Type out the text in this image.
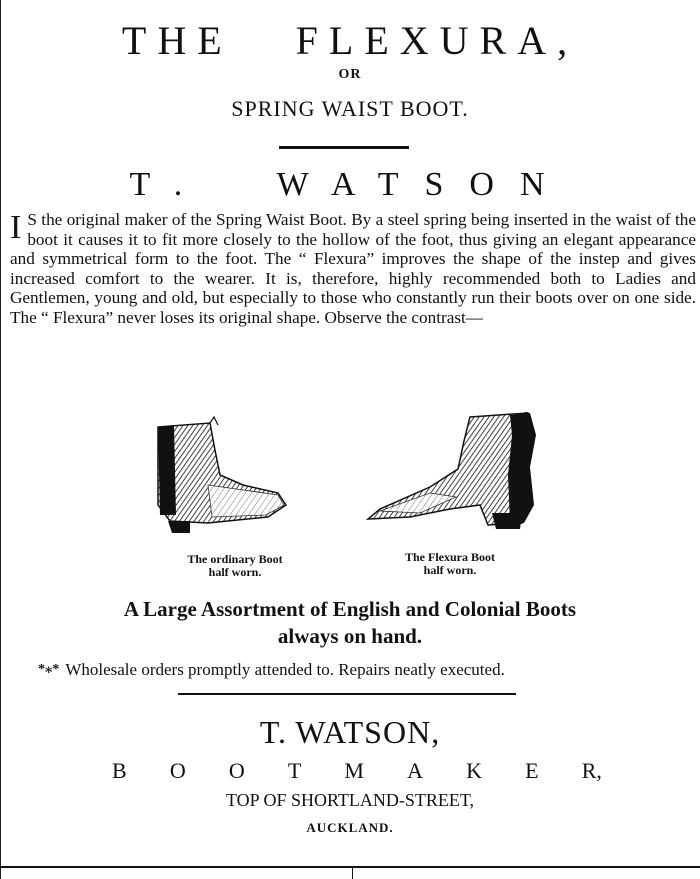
THE   FLEXURA,
OR
SPRING WAIST BOOT.
T.  WATSON
I S the original maker of the Spring Waist Boot. By a steel spring being inserted in the waist of the boot it causes it to fit more closely to the hollow of the foot, thus giving an elegant appearance and symmetrical form to the foot. The “ Flexura” improves the shape of the instep and gives increased comfort to the wearer. It is, therefore, highly recommended both to Ladies and Gentlemen, young and old, but especially to those who constantly run their boots over on one side. The “ Flexura” never loses its original shape. Observe the contrast—
The ordinary Boot
half worn.
The Flexura Boot
half worn.
A Large Assortment of English and Colonial Boots
always on hand.
*⁎* Wholesale orders promptly attended to. Repairs neatly executed.
T. WATSON,
B O O T M A K E R,
TOP OF SHORTLAND-STREET,
AUCKLAND.
